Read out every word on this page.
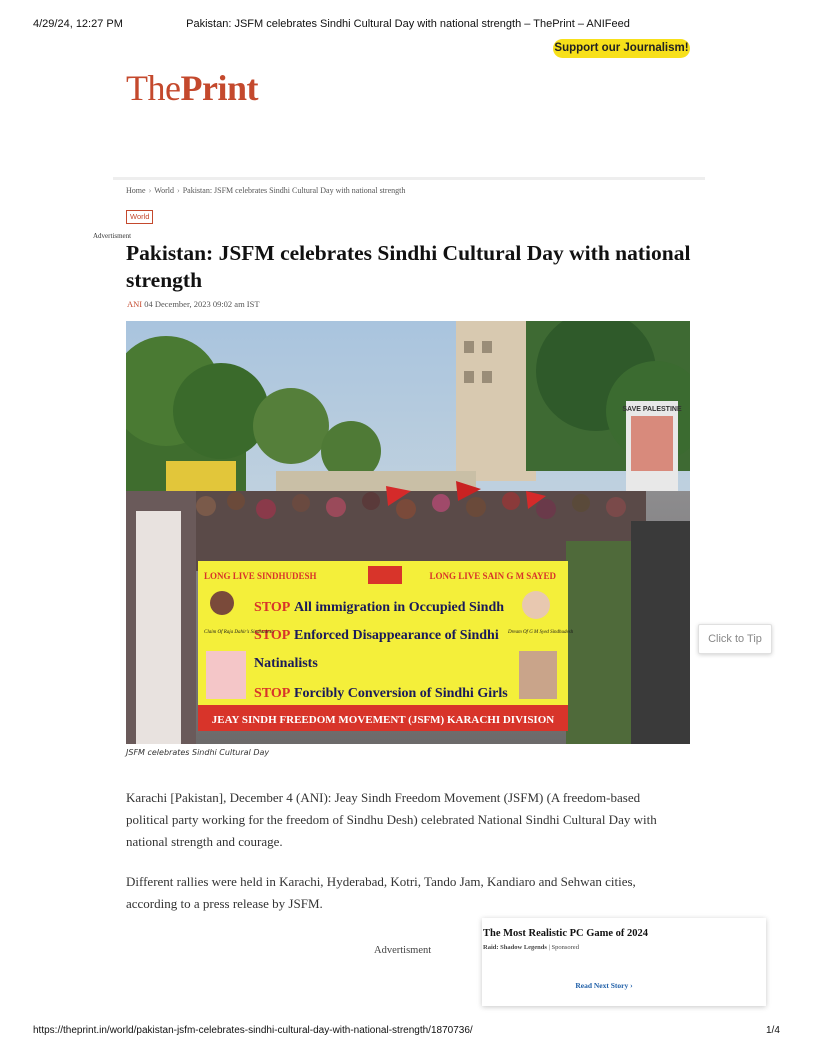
4/29/24, 12:27 PM	Pakistan: JSFM celebrates Sindhi Cultural Day with national strength – ThePrint – ANIFeed
Support our Journalism!
ThePrint
Home › World › Pakistan: JSFM celebrates Sindhi Cultural Day with national strength
World
Advertisment
Pakistan: JSFM celebrates Sindhi Cultural Day with national strength
ANI 04 December, 2023 09:02 am IST
SAVE PALESTINE
LONG LIVE SINDHUDESH	LONG LIVE SAIN G M SAYED
STOP All immigration in Occupied Sindh
STOP Enforced Disappearance of Sindhi
Natinalists
STOP Forcibly Conversion of Sindhi Girls
JEAY SINDH FREEDOM MOVEMENT (JSFM) KARACHI DIVISION
Claim Of Raja Dahir's Sindhudesh	Dream Of G M Syed Sindhudesh
JSFM celebrates Sindhi Cultural Day

Karachi [Pakistan], December 4 (ANI): Jeay Sindh Freedom Movement (JSFM) (A freedom-based political party working for the freedom of Sindhu Desh) celebrated National Sindhi Cultural Day with national strength and courage.

Different rallies were held in Karachi, Hyderabad, Kotri, Tando Jam, Kandiaro and Sehwan cities, according to a press release by JSFM.

Click to Tip
Advertisment
The Most Realistic PC Game of 2024
Raid: Shadow Legends | Sponsored
Read Next Story ›
https://theprint.in/world/pakistan-jsfm-celebrates-sindhi-cultural-day-with-national-strength/1870736/	1/4
